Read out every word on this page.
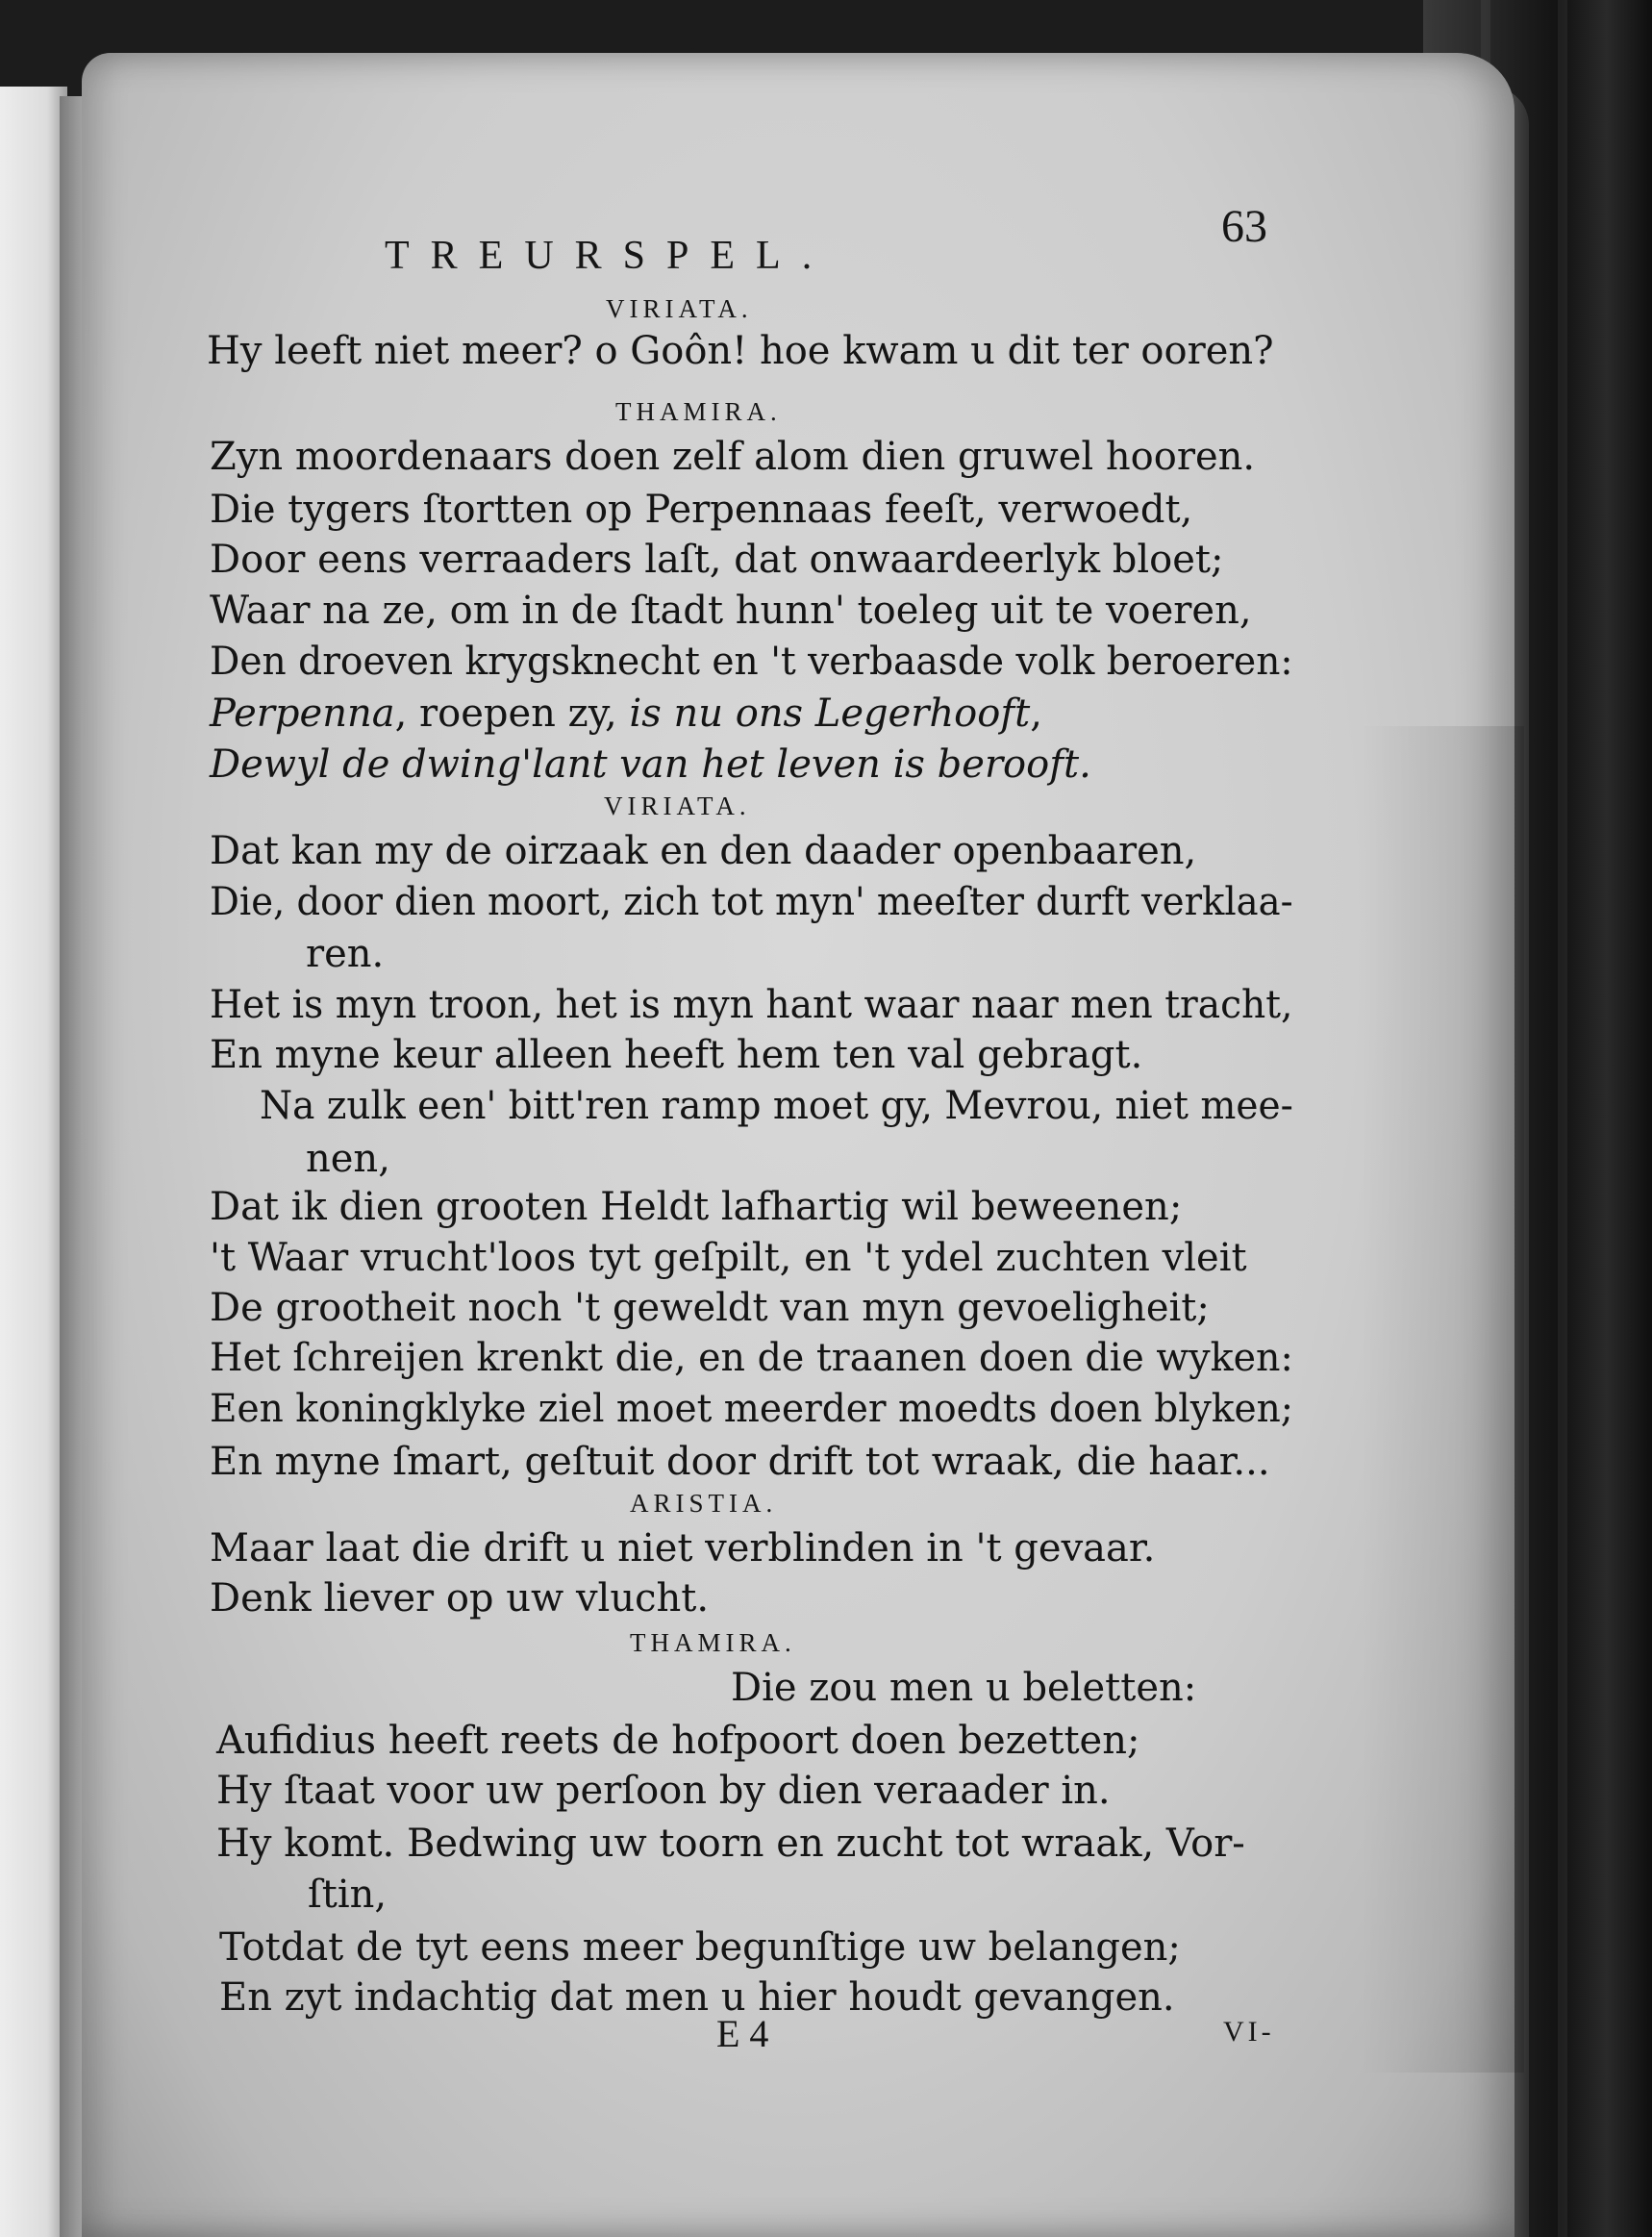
TREURSPEL.
63
VIRIATA.
Hy leeft niet meer? o Goôn! hoe kwam u dit ter ooren?
THAMIRA.
Zyn moordenaars doen zelf alom dien gruwel hooren.
Die tygers ſtortten op Perpennaas feeſt, verwoedt,
Door eens verraaders laſt, dat onwaardeerlyk bloet;
Waar na ze, om in de ſtadt hunn' toeleg uit te voeren,
Den droeven krygsknecht en 't verbaasde volk beroeren:
Perpenna, roepen zy, is nu ons Legerhooft,
Dewyl de dwing'lant van het leven is berooft.
VIRIATA.
Dat kan my de oirzaak en den daader openbaaren,
Die, door dien moort, zich tot myn' meeſter durft verklaa-
ren.
Het is myn troon, het is myn hant waar naar men tracht,
En myne keur alleen heeft hem ten val gebragt.
Na zulk een' bitt'ren ramp moet gy, Mevrou, niet mee-
nen,
Dat ik dien grooten Heldt lafhartig wil beweenen;
't Waar vrucht'loos tyt geſpilt, en 't ydel zuchten vleit
De grootheit noch 't geweldt van myn gevoeligheit;
Het ſchreijen krenkt die, en de traanen doen die wyken:
Een koningklyke ziel moet meerder moedts doen blyken;
En myne ſmart, geſtuit door drift tot wraak, die haar...
ARISTIA.
Maar laat die drift u niet verblinden in 't gevaar.
Denk liever op uw vlucht.
THAMIRA.
Die zou men u beletten:
Aufidius heeft reets de hofpoort doen bezetten;
Hy ſtaat voor uw perſoon by dien veraader in.
Hy komt. Bedwing uw toorn en zucht tot wraak, Vor-
ſtin,
Totdat de tyt eens meer begunſtige uw belangen;
En zyt indachtig dat men u hier houdt gevangen.
E 4	VI-
